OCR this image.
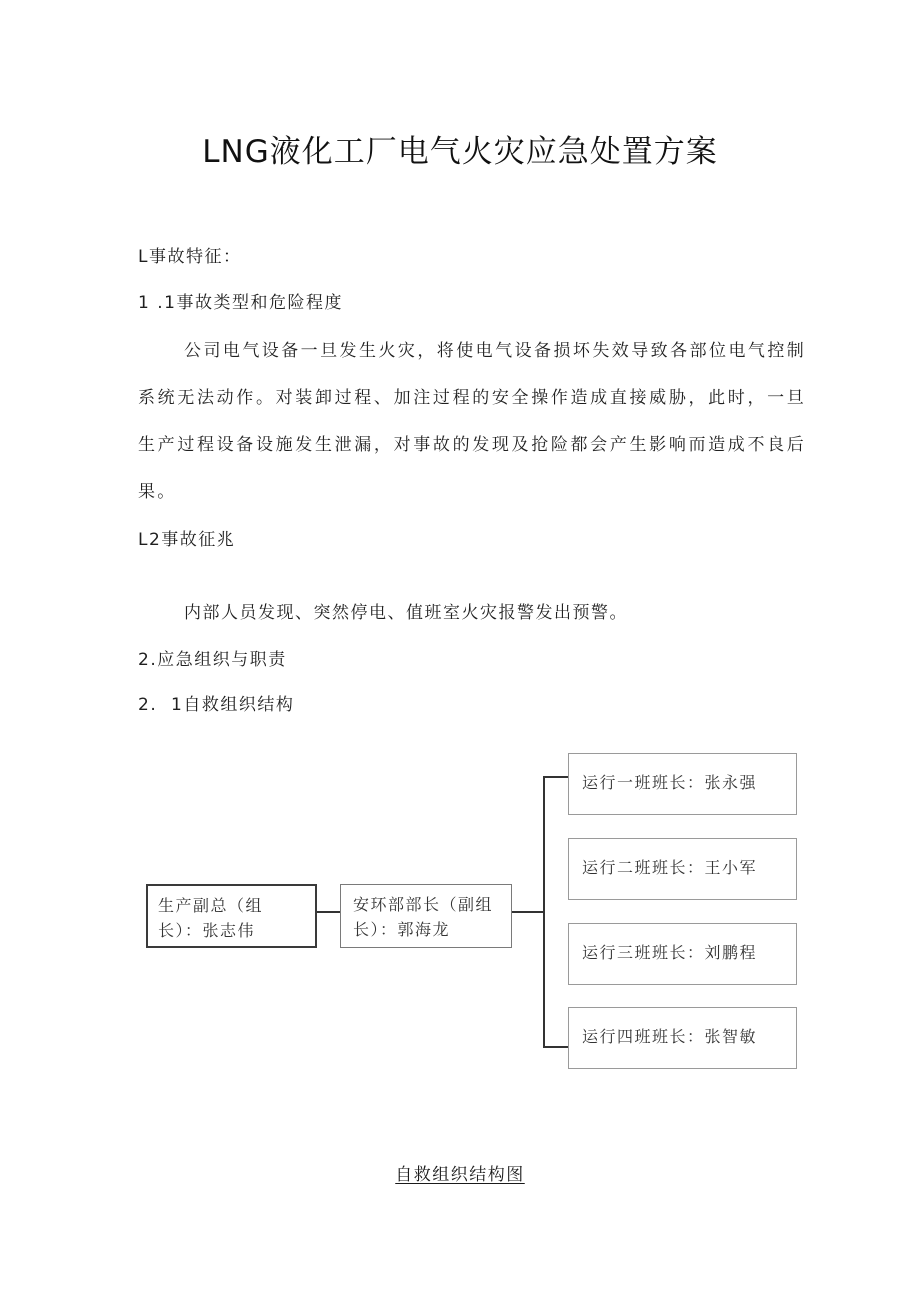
LNG液化工厂电气火灾应急处置方案
L事故特征：
1 .1事故类型和危险程度
公司电气设备一旦发生火灾，将使电气设备损坏失效导致各部位电气控制系统无法动作。对装卸过程、加注过程的安全操作造成直接威胁，此时，一旦生产过程设备设施发生泄漏，对事故的发现及抢险都会产生影响而造成不良后果。
L2事故征兆
内部人员发现、突然停电、值班室火灾报警发出预警。
2.应急组织与职责
2.  1自救组织结构
生产副总（组长）：张志伟
安环部部长（副组长）：郭海龙
运行一班班长：张永强
运行二班班长：王小军
运行三班班长：刘鹏程
运行四班班长：张智敏
自救组织结构图
